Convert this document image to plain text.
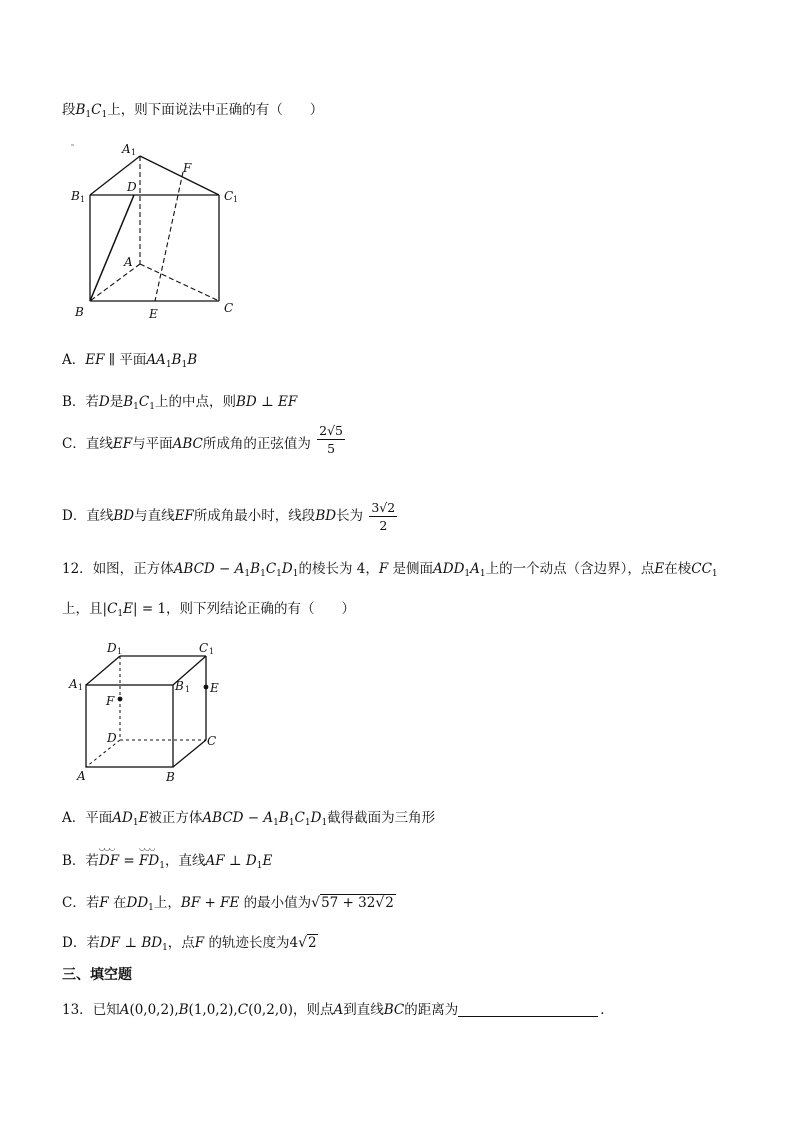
段$B_1C_1$上，则下面说法中正确的有（　　）
A 1
F
B 1
D
C 1
A
B	E	C
A．EF ∥ 平面$AA_1B_1B$
B．若D是$B_1C_1$上的中点，则BD ⊥ EF
C．直线EF与平面ABC所成角的正弦值为 $\frac{2√5}{5}$
D．直线BD与直线EF所成角最小时，线段BD长为 $\frac{3√2}{2}$
12．如图，正方体ABCD − $A_1B_1C_1D_1$的棱长为 4，F 是侧面$ADD_1A_1$上的一个动点（含边界），点E在棱$CC_1$
上，且$|C_1E| = 1$，则下列结论正确的有（　　）
D 1	C 1
A 1	B 1
F
E
D	C
A	B
A．平面$AD_1E$被正方体ABCD − $A_1B_1C_1D_1$截得截面为三角形
B．若◡◡◡ DF = ◡◡◡ $FD_1$，直线AF ⊥ $D_1E$
C．若F 在$DD_1$上，BF + FE 的最小值为√57 + 32√2
D．若DF ⊥ $BD_1$，点F 的轨迹长度为4√2
三、填空题
13．已知A(0,0,2),B(1,0,2),C(0,2,0)，则点A到直线BC的距离为	．
